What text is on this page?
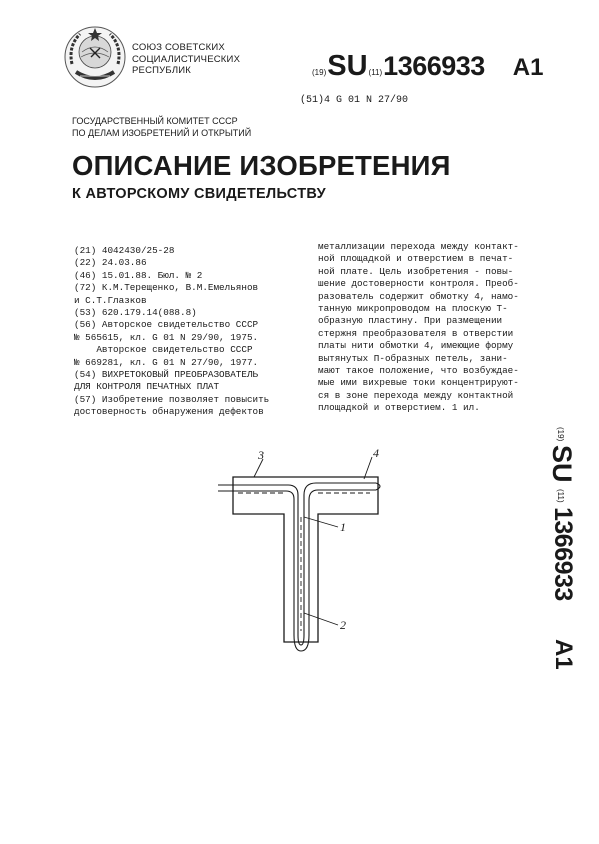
СОЮЗ СОВЕТСКИХ
СОЦИАЛИСТИЧЕСКИХ
РЕСПУБЛИК	(19) SU (11) 1366933 A1
(51)4 G 01 N 27/90
ГОСУДАРСТВЕННЫЙ КОМИТЕТ СССР
ПО ДЕЛАМ ИЗОБРЕТЕНИЙ И ОТКРЫТИЙ
ОПИСАНИЕ ИЗОБРЕТЕНИЯ
К АВТОРСКОМУ СВИДЕТЕЛЬСТВУ
(21) 4042430/25-28
(22) 24.03.86
(46) 15.01.88. Бюл. № 2
(72) К.М.Терещенко, В.М.Емельянов
и С.Т.Глазков
(53) 620.179.14(088.8)
(56) Авторское свидетельство СССР
№ 565615, кл. G 01 N 29/90, 1975.
Авторское свидетельство СССР
№ 669281, кл. G 01 N 27/90, 1977.
(54) ВИХРЕТОКОВЫЙ ПРЕОБРАЗОВАТЕЛЬ
ДЛЯ КОНТРОЛЯ ПЕЧАТНЫХ ПЛАТ
(57) Изобретение позволяет повысить
достоверность обнаружения дефектов
металлизации перехода между контакт-
ной площадкой и отверстием в печат-
ной плате. Цель изобретения - повы-
шение достоверности контроля. Преоб-
разователь содержит обмотку 4, намо-
танную микропроводом на плоскую Т-
образную пластину. При размещении
стержня преобразователя в отверстии
платы нити обмотки 4, имеющие форму
вытянутых П-образных петель, зани-
мают такое положение, что возбуждае-
мые ими вихревые токи концентрируют-
ся в зоне перехода между контактной
площадкой и отверстием. 1 ил.
(19)
SU
(11)
1366933
A1
3	4
1
2
